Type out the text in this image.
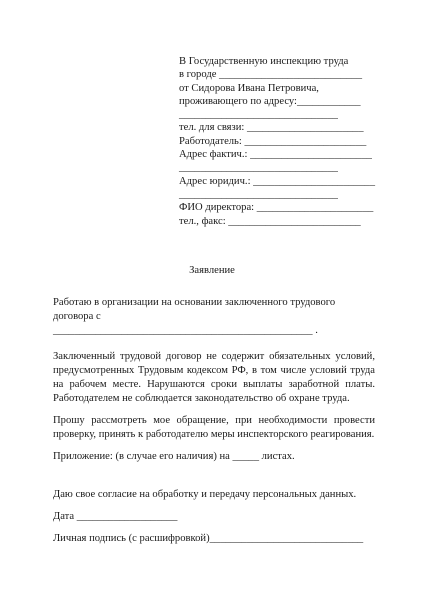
В Государственную инспекцию труда
в городе ___________________________
от Сидорова Ивана Петровича,
проживающего по адресу:____________
______________________________
тел. для связи: ______________________
Работодатель: _______________________
Адрес фактич.: _______________________
______________________________
Адрес юридич.: _______________________
______________________________
ФИО директора: ______________________
тел., факс: _________________________
Заявление

Работаю в организации на основании заключенного трудового договора с

_________________________________________________ .

Заключенный трудовой договор не содержит обязательных условий, предусмотренных Трудовым кодексом РФ, в том числе условий труда на рабочем месте. Нарушаются сроки выплаты заработной платы. Работодателем не соблюдается законодательство об охране труда.

Прошу рассмотреть мое обращение, при необходимости провести проверку, принять к работодателю меры инспекторского реагирования.

Приложение: (в случае его наличия) на _____ листах.

Даю свое согласие на обработку и передачу персональных данных.

Дата ___________________

Личная подпись (с расшифровкой)_____________________________
